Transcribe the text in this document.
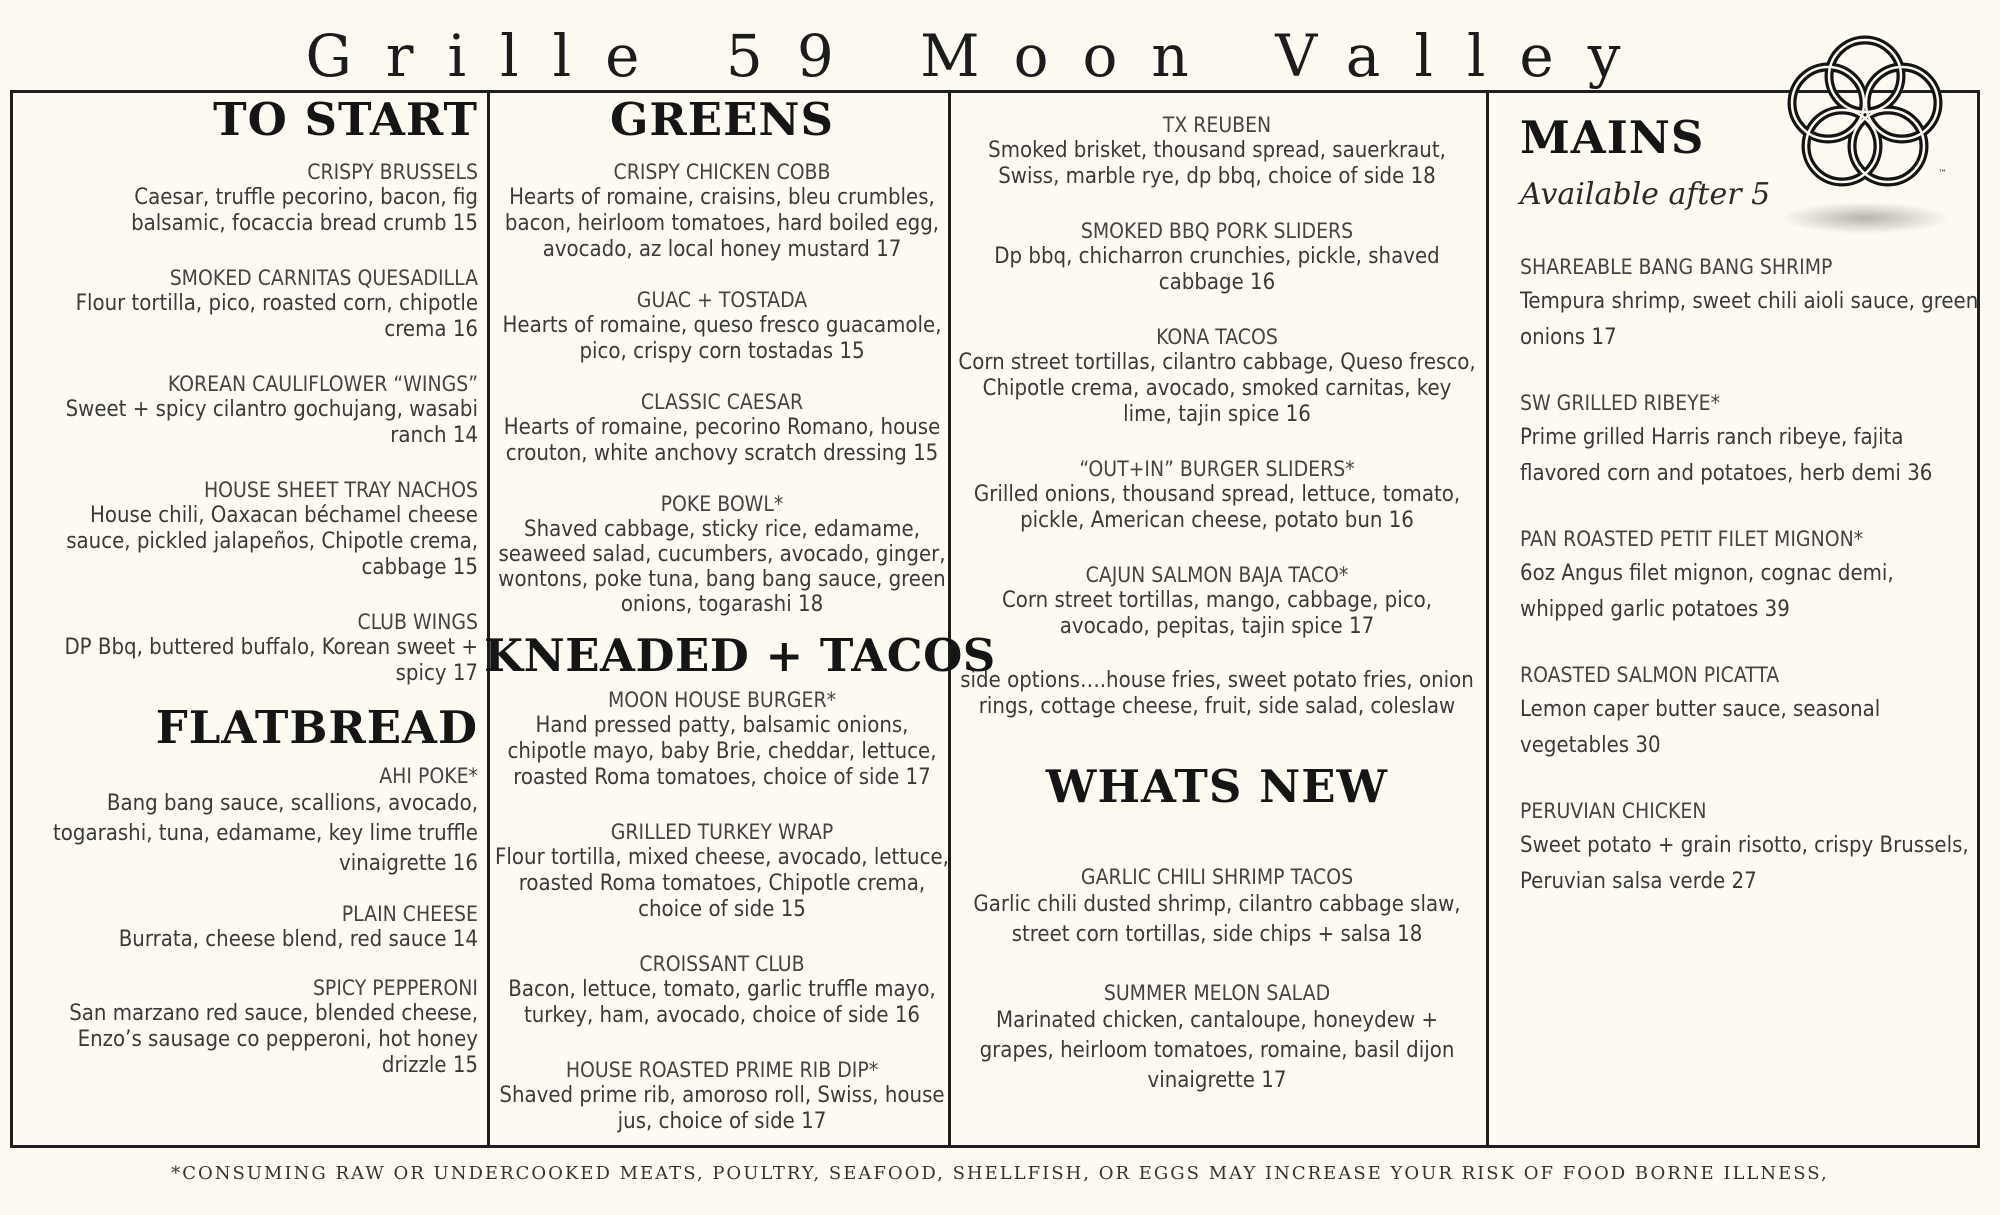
Grille 59 Moon Valley
TO START
CRISPY BRUSSELS
Caesar, truffle pecorino, bacon, fig balsamic, focaccia bread crumb 15
SMOKED CARNITAS QUESADILLA
Flour tortilla, pico, roasted corn, chipotle crema 16
KOREAN CAULIFLOWER “WINGS”
Sweet + spicy cilantro gochujang, wasabi ranch 14
HOUSE SHEET TRAY NACHOS
House chili, Oaxacan béchamel cheese sauce, pickled jalapeños, Chipotle crema, cabbage 15
CLUB WINGS
DP Bbq, buttered buffalo, Korean sweet + spicy 17
FLATBREAD
AHI POKE*
Bang bang sauce, scallions, avocado, togarashi, tuna, edamame, key lime truffle vinaigrette 16
PLAIN CHEESE
Burrata, cheese blend, red sauce 14
SPICY PEPPERONI
San marzano red sauce, blended cheese, Enzo’s sausage co pepperoni, hot honey drizzle 15
GREENS
CRISPY CHICKEN COBB
Hearts of romaine, craisins, bleu crumbles, bacon, heirloom tomatoes, hard boiled egg, avocado, az local honey mustard 17
GUAC + TOSTADA
Hearts of romaine, queso fresco guacamole, pico, crispy corn tostadas 15
CLASSIC CAESAR
Hearts of romaine, pecorino Romano, house crouton, white anchovy scratch dressing 15
POKE BOWL*
Shaved cabbage, sticky rice, edamame, seaweed salad, cucumbers, avocado, ginger, wontons, poke tuna, bang bang sauce, green onions, togarashi 18
KNEADED + TACOS
MOON HOUSE BURGER*
Hand pressed patty, balsamic onions, chipotle mayo, baby Brie, cheddar, lettuce, roasted Roma tomatoes, choice of side 17
GRILLED TURKEY WRAP
Flour tortilla, mixed cheese, avocado, lettuce, roasted Roma tomatoes, Chipotle crema, choice of side 15
CROISSANT CLUB
Bacon, lettuce, tomato, garlic truffle mayo, turkey, ham, avocado, choice of side 16
HOUSE ROASTED PRIME RIB DIP*
Shaved prime rib, amoroso roll, Swiss, house jus, choice of side 17
TX REUBEN
Smoked brisket, thousand spread, sauerkraut, Swiss, marble rye, dp bbq, choice of side 18
SMOKED BBQ PORK SLIDERS
Dp bbq, chicharron crunchies, pickle, shaved cabbage 16
KONA TACOS
Corn street tortillas, cilantro cabbage, Queso fresco, Chipotle crema, avocado, smoked carnitas, key lime, tajin spice 16
“OUT+IN” BURGER SLIDERS*
Grilled onions, thousand spread, lettuce, tomato, pickle, American cheese, potato bun 16
CAJUN SALMON BAJA TACO*
Corn street tortillas, mango, cabbage, pico, avocado, pepitas, tajin spice 17
side options….house fries, sweet potato fries, onion rings, cottage cheese, fruit, side salad, coleslaw
WHATS NEW
GARLIC CHILI SHRIMP TACOS
Garlic chili dusted shrimp, cilantro cabbage slaw, street corn tortillas, side chips + salsa 18
SUMMER MELON SALAD
Marinated chicken, cantaloupe, honeydew + grapes, heirloom tomatoes, romaine, basil dijon vinaigrette 17
MAINS
Available after 5
SHAREABLE BANG BANG SHRIMP
Tempura shrimp, sweet chili aioli sauce, green onions 17
SW GRILLED RIBEYE*
Prime grilled Harris ranch ribeye, fajita flavored corn and potatoes, herb demi 36
PAN ROASTED PETIT FILET MIGNON*
6oz Angus filet mignon, cognac demi, whipped garlic potatoes 39
ROASTED SALMON PICATTA
Lemon caper butter sauce, seasonal vegetables 30
PERUVIAN CHICKEN
Sweet potato + grain risotto, crispy Brussels, Peruvian salsa verde 27
™
*CONSUMING RAW OR UNDERCOOKED MEATS, POULTRY, SEAFOOD, SHELLFISH, OR EGGS MAY INCREASE YOUR RISK OF FOOD BORNE ILLNESS,
